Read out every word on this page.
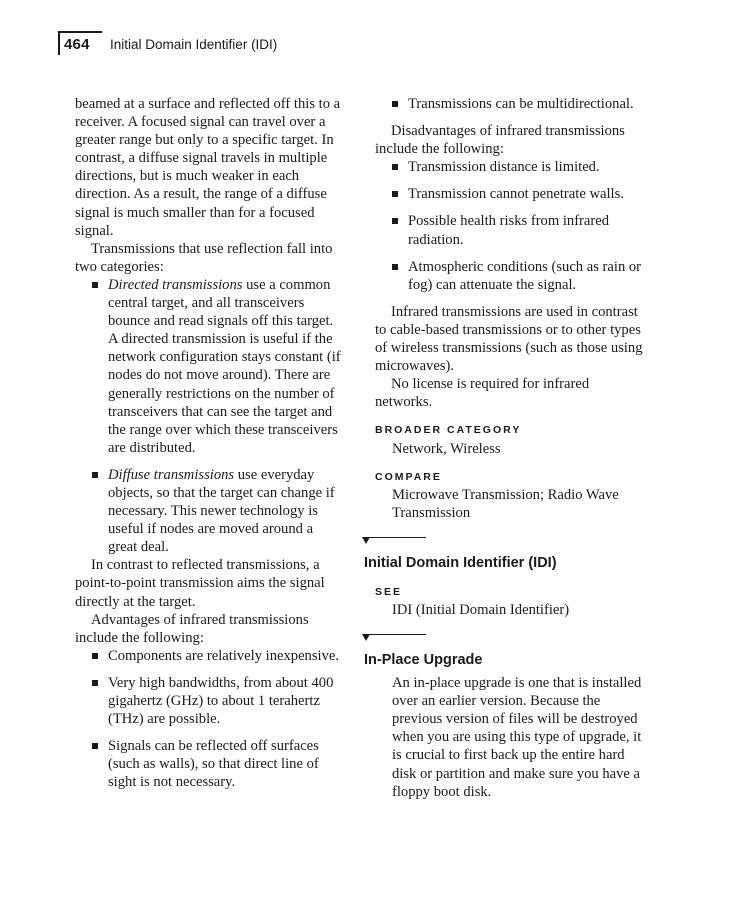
464 Initial Domain Identifier (IDI)

beamed at a surface and reflected off this to a receiver. A focused signal can travel over a greater range but only to a specific target. In contrast, a diffuse signal travels in multiple directions, but is much weaker in each direction. As a result, the range of a diffuse signal is much smaller than for a focused signal.

Transmissions that use reflection fall into two categories:

Directed transmissions use a common central target, and all transceivers bounce and read signals off this target. A directed transmission is useful if the network configuration stays constant (if nodes do not move around). There are generally restrictions on the number of transceivers that can see the target and the range over which these transceivers are distributed.
Diffuse transmissions use everyday objects, so that the target can change if necessary. This newer technology is useful if nodes are moved around a great deal.

In contrast to reflected transmissions, a point-to-point transmission aims the signal directly at the target.

Advantages of infrared transmissions include the following:

Components are relatively inexpensive.
Very high bandwidths, from about 400 gigahertz (GHz) to about 1 terahertz (THz) are possible.
Signals can be reflected off surfaces (such as walls), so that direct line of sight is not necessary.
Transmissions can be multidirectional.

Disadvantages of infrared transmissions include the following:

Transmission distance is limited.
Transmission cannot penetrate walls.
Possible health risks from infrared radiation.
Atmospheric conditions (such as rain or fog) can attenuate the signal.

Infrared transmissions are used in contrast to cable-based transmissions or to other types of wireless transmissions (such as those using microwaves).

No license is required for infrared networks.

BROADER CATEGORY
Network, Wireless
COMPARE
Microwave Transmission; Radio Wave Transmission
Initial Domain Identifier (IDI)
SEE
IDI (Initial Domain Identifier)
In-Place Upgrade

An in-place upgrade is one that is installed over an earlier version. Because the previous version of files will be destroyed when you are using this type of upgrade, it is crucial to first back up the entire hard disk or partition and make sure you have a floppy boot disk.
